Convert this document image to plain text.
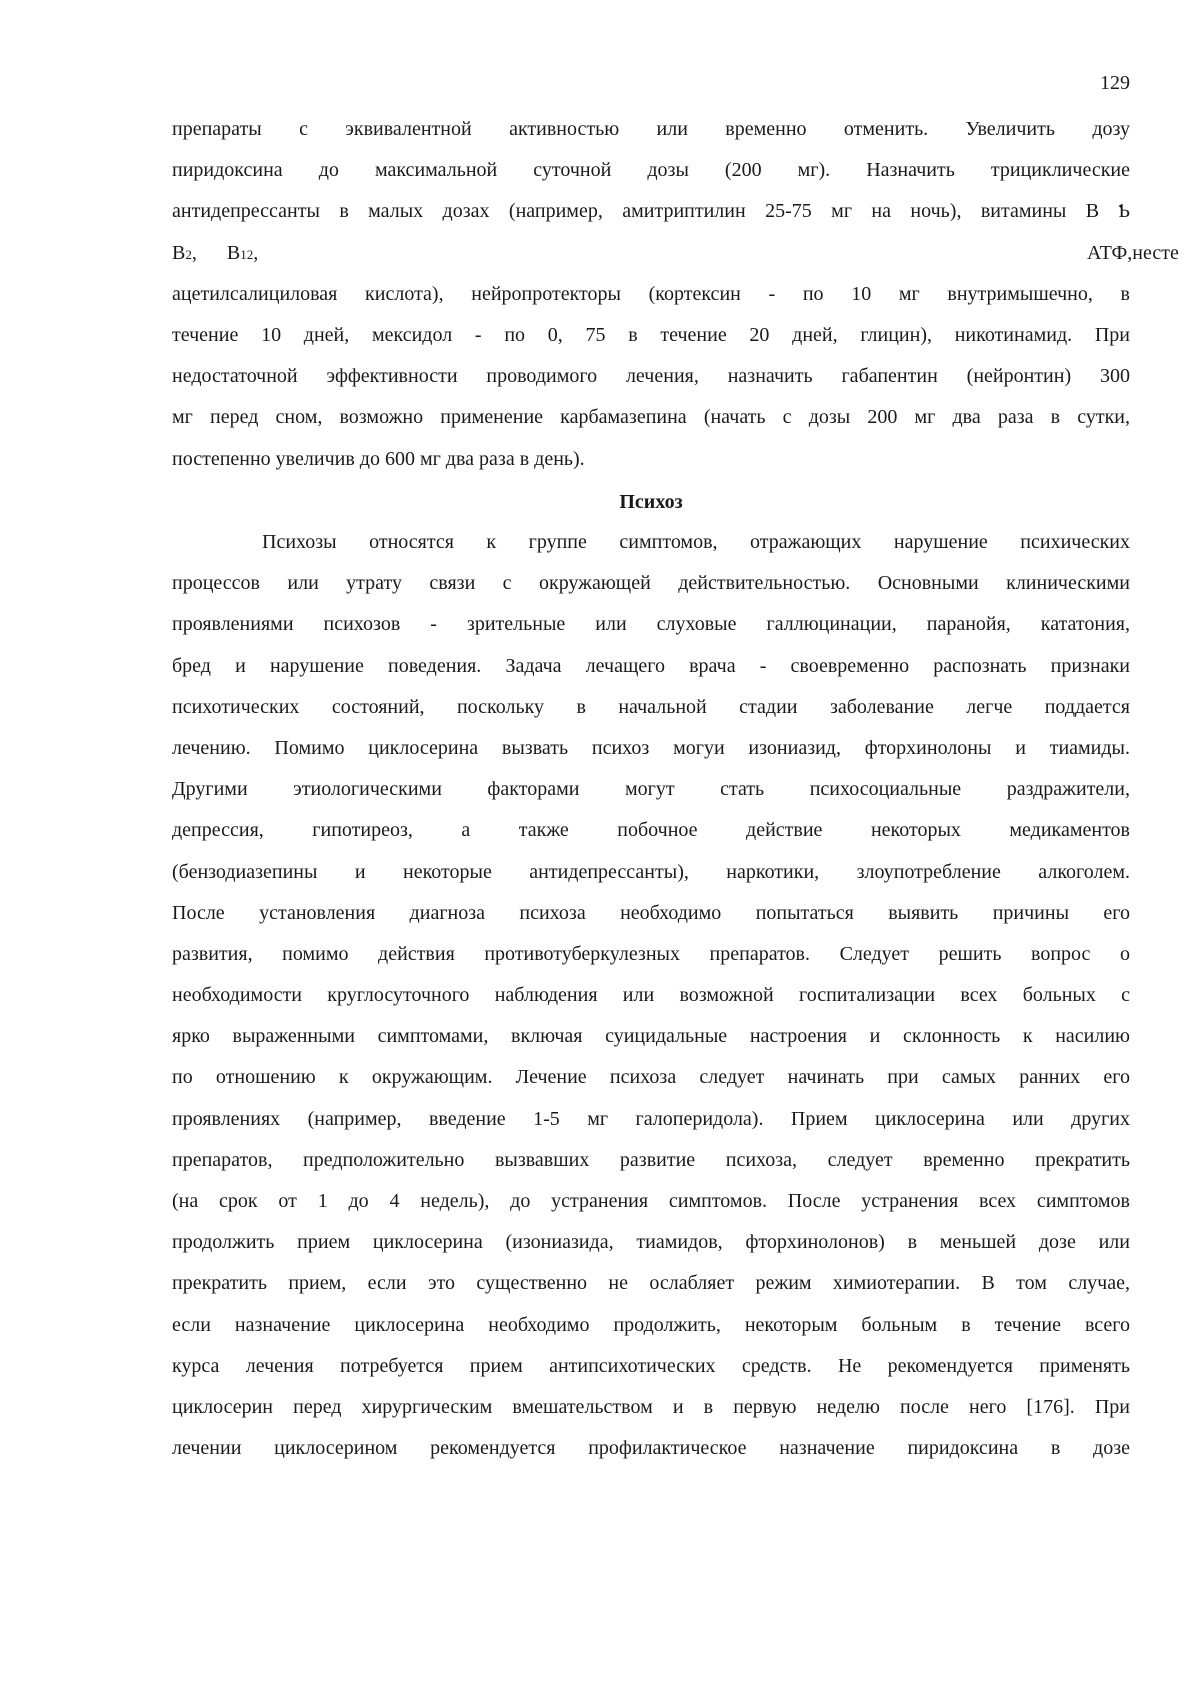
129
препараты с эквивалентной активностью или временно отменить. Увеличить дозу
пиридоксина до максимальной суточной дозы (200 мг). Назначить трициклические
антидепрессанты в малых дозах (например, амитриптилин 25-75 мг на ночь), витамины В Ƅ
В2, В12,	АТФ,несте
ацетилсалициловая кислота), нейропротекторы (кортексин - по 10 мг внутримышечно, в
течение 10 дней, мексидол - по 0, 75 в течение 20 дней, глицин), никотинамид. При
недостаточной эффективности проводимого лечения, назначить габапентин (нейронтин) 300
мг перед сном, возможно применение карбамазепина (начать с дозы 200 мг два раза в сутки,
постепенно увеличив до 600 мг два раза в день).
Психоз
Психозы относятся к группе симптомов, отражающих нарушение психических
процессов или утрату связи с окружающей действительностью. Основными клиническими
проявлениями психозов - зрительные или слуховые галлюцинации, паранойя, кататония,
бред и нарушение поведения. Задача лечащего врача - своевременно распознать признаки
психотических состояний, поскольку в начальной стадии заболевание легче поддается
лечению. Помимо циклосерина вызвать психоз могуи изониазид, фторхинолоны и тиамиды.
Другими этиологическими факторами могут стать психосоциальные раздражители,
депрессия, гипотиреоз, а также побочное действие некоторых медикаментов
(бензодиазепины и некоторые антидепрессанты), наркотики, злоупотребление алкоголем.
После установления диагноза психоза необходимо попытаться выявить причины его
развития, помимо действия противотуберкулезных препаратов. Следует решить вопрос о
необходимости круглосуточного наблюдения или возможной госпитализации всех больных с
ярко выраженными симптомами, включая суицидальные настроения и склонность к насилию
по отношению к окружающим. Лечение психоза следует начинать при самых ранних его
проявлениях (например, введение 1-5 мг галоперидола). Прием циклосерина или других
препаратов, предположительно вызвавших развитие психоза, следует временно прекратить
(на срок от 1 до 4 недель), до устранения симптомов. После устранения всех симптомов
продолжить прием циклосерина (изониазида, тиамидов, фторхинолонов) в меньшей дозе или
прекратить прием, если это существенно не ослабляет режим химиотерапии. В том случае,
если назначение циклосерина необходимо продолжить, некоторым больным в течение всего
курса лечения потребуется прием антипсихотических средств. Не рекомендуется применять
циклосерин перед хирургическим вмешательством и в первую неделю после него [176]. При
лечении циклосерином рекомендуется профилактическое назначение пиридоксина в дозе
